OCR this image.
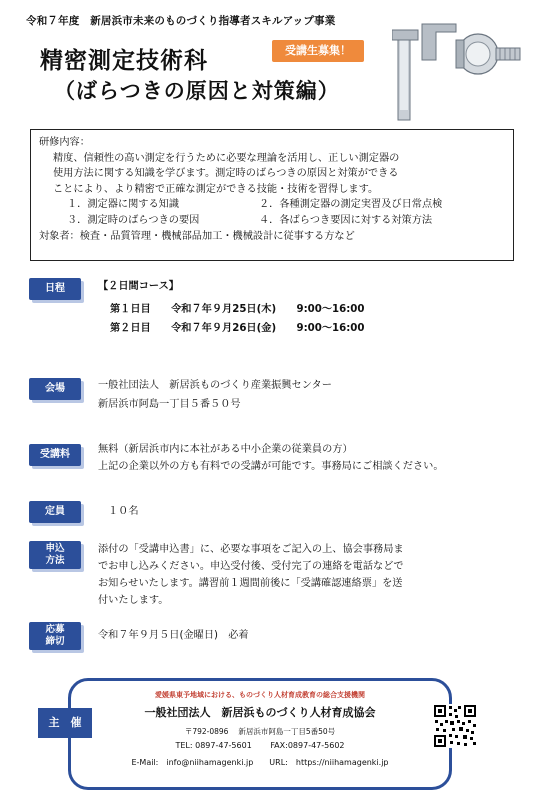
令和７年度　新居浜市未来のものづくり指導者スキルアップ事業
精密測定技術科
（ばらつきの原因と対策編）
受講生募集！
研修内容：
精度、信頼性の高い測定を行うために必要な理論を活用し、正しい測定器の
使用方法に関する知識を学びます。測定時のばらつきの原因と対策ができる
ことにより、より精密で正確な測定ができる技能・技術を習得します。
１．測定器に関する知識	２．各種測定器の測定実習及び日常点検
３．測定時のばらつきの要因	４．各ばらつき要因に対する対策方法
対象者：検査・品質管理・機械部品加工・機械設計に従事する方など
日程	【２日間コース】
第１日目　　令和７年９月25日(木)　　9:00～16:00
第２日目　　令和７年９月26日(金)　　9:00～16:00
会場	一般社団法人　新居浜ものづくり産業振興センター
新居浜市阿島一丁目５番５０号
受講料	無料（新居浜市内に本社がある中小企業の従業員の方）
上記の企業以外の方も有料での受講が可能です。事務局にご相談ください。
定員	１０名
申込
方法
添付の「受講申込書」に、必要な事項をご記入の上、協会事務局ま
でお申し込みください。申込受付後、受付完了の連絡を電話などで
お知らせいたします。講習前１週間前後に「受講確認連絡票」を送
付いたします。
応募
締切
令和７年９月５日(金曜日)　必着
主　催
愛媛県東予地域における、ものづくり人材育成教育の総合支援機関
一般社団法人　新居浜ものづくり人材育成協会
〒792-0896　 新居浜市阿島一丁目5番50号
TEL: 0897-47-5601　　 FAX:0897-47-5602
E-Mail:　info@niihamagenki.jp　　URL:　https://niihamagenki.jp
